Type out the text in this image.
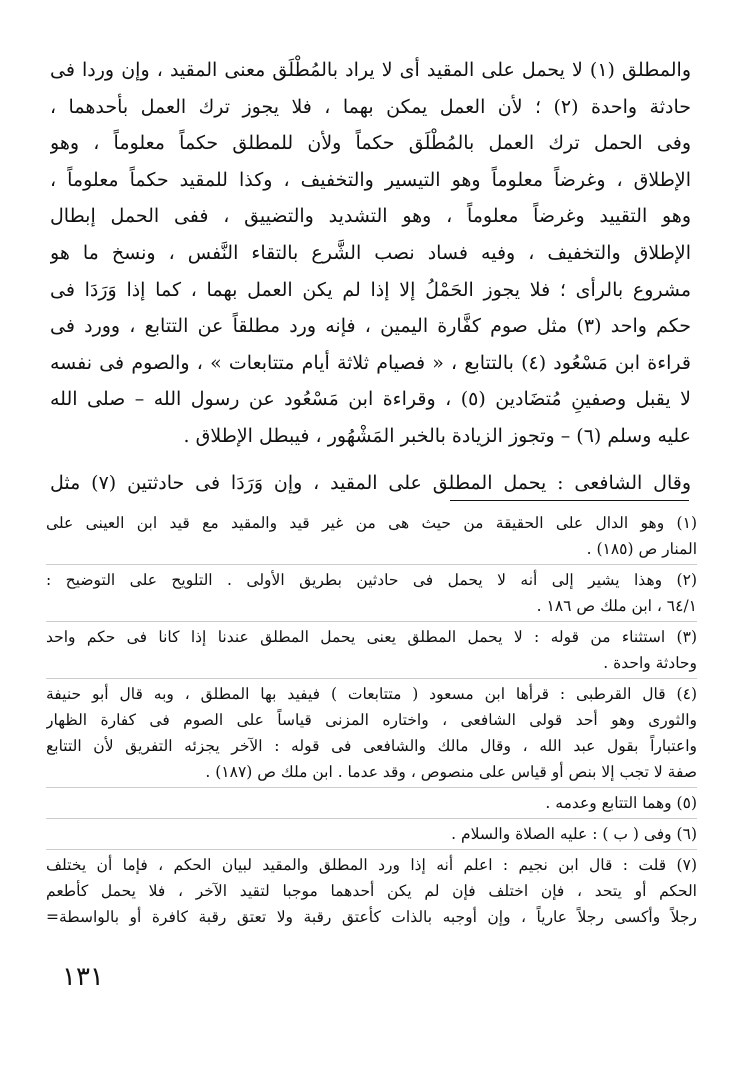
والمطلق (١) لا يحمل على المقيد أى لا يراد بالمُطْلَق معنى المقيد ، وإن وردا فى
حادثة واحدة (٢) ؛ لأن العمل يمكن بهما ، فلا يجوز ترك العمل بأحدهما ،
وفى الحمل ترك العمل بالمُطْلَق حكماً ولأن للمطلق حكماً معلوماً ، وهو
الإطلاق ، وغرضاً معلوماً وهو التيسير والتخفيف ، وكذا للمقيد حكماً معلوماً ،
وهو التقييد وغرضاً معلوماً ، وهو التشديد والتضييق ، ففى الحمل إبطال
الإطلاق والتخفيف ، وفيه فساد نصب الشَّرع بالتقاء النَّفس ، ونسخ ما هو
مشروع بالرأى ؛ فلا يجوز الحَمْلُ إلا إذا لم يكن العمل بهما ، كما إذا وَرَدَا فى
حكم واحد (٣) مثل صوم كفَّارة اليمين ، فإنه ورد مطلقاً عن التتابع ، وورد فى
قراءة ابن مَسْعُود (٤) بالتتابع ، « فصيام ثلاثة أيام متتابعات » ، والصوم فى نفسه
لا يقبل وصفينِ مُتضَادين (٥) ، وقراءة ابن مَسْعُود عن رسول الله – صلى الله
عليه وسلم (٦) – وتجوز الزيادة بالخبر المَشْهُور ، فيبطل الإطلاق .
وقال الشافعى : يحمل المطلق على المقيد ، وإن وَرَدَا فى حادثتين (٧) مثل
(١) وهو الدال على الحقيقة من حيث هى من غير قيد والمقيد مع قيد ابن العينى على
المنار ص (١٨٥) .
(٢) وهذا يشير إلى أنه لا يحمل فى حادثين بطريق الأولى . التلويح على التوضيح :
٦٤/١ ، ابن ملك ص ١٨٦ .
(٣) استثناء من قوله : لا يحمل المطلق يعنى يحمل المطلق عندنا إذا كانا فى حكم واحد
وحادثة واحدة .
(٤) قال القرطبى : قرأها ابن مسعود ( متتابعات ) فيفيد بها المطلق ، وبه قال أبو حنيفة
والثورى وهو أحد قولى الشافعى ، واختاره المزنى قياساً على الصوم فى كفارة الظهار
واعتباراً بقول عبد الله ، وقال مالك والشافعى فى قوله : الآخر يجزئه التفريق لأن التتابع
صفة لا تجب إلا بنص أو قياس على منصوص ، وقد عدما . ابن ملك ص (١٨٧) .
(٥) وهما التتابع وعدمه .
(٦) وفى ( ب ) : عليه الصلاة والسلام .
(٧) قلت : قال ابن نجيم : اعلم أنه إذا ورد المطلق والمقيد لبيان الحكم ، فإما أن يختلف
الحكم أو يتحد ، فإن اختلف فإن لم يكن أحدهما موجبا لتقيد الآخر ، فلا يحمل كأطعم
رجلاً وأكسى رجلاً عارياً ، وإن أوجبه بالذات كأعتق رقبة ولا تعتق رقبة كافرة أو بالواسطة=
١٣١
